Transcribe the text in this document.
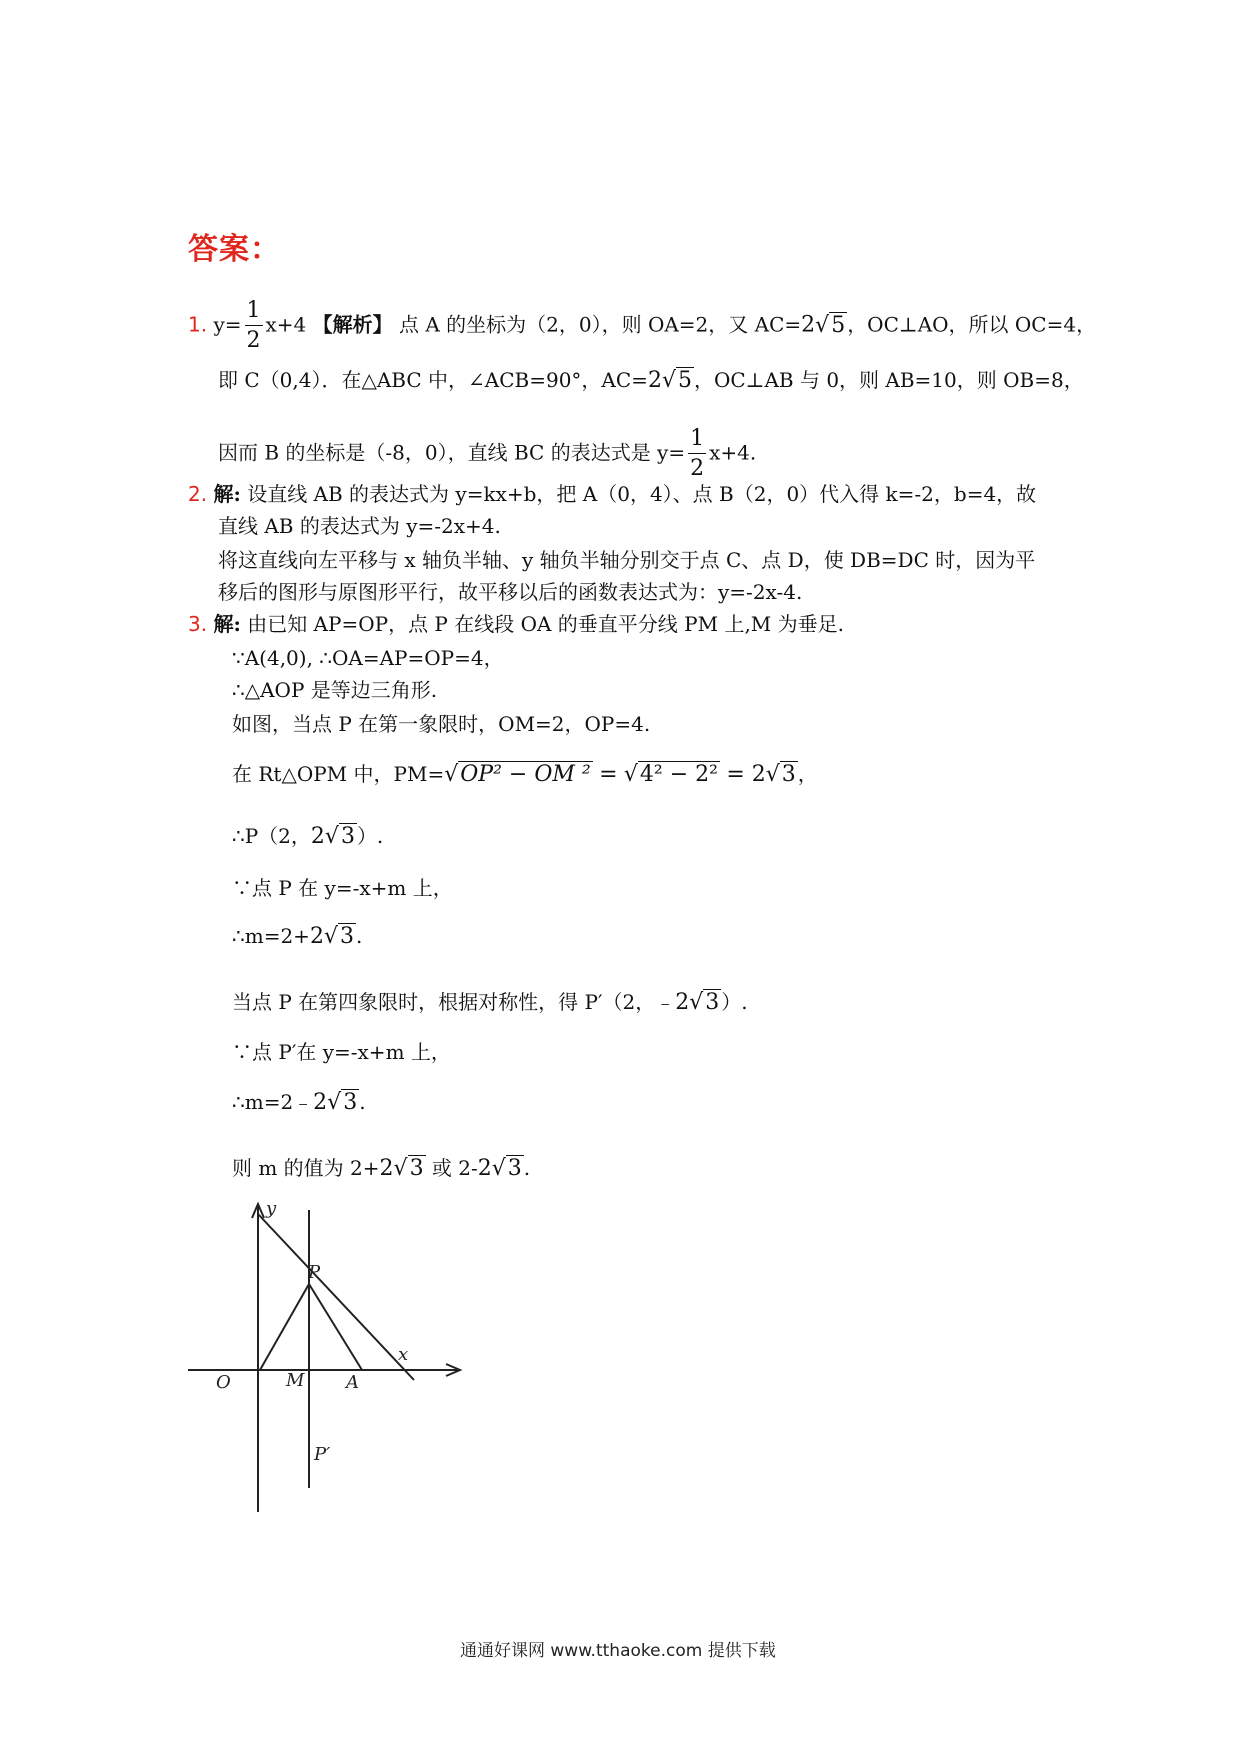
答案：
1. $y= \frac{1}{2} x+4$ 【解析】 点 A 的坐标为（2，0），则 OA=2，又 AC=2√5 ，OC⊥AO，所以 OC=4，
即 C（0,4）．在△ABC 中，∠ACB=90°，AC=2√5 ，OC⊥AB 与 0，则 AB=10，则 OB=8，
因而 B 的坐标是（-8，0），直线 BC 的表达式是 $y= \frac{1}{2} x+4$.
2. 解: 设直线 AB 的表达式为 y=kx+b，把 A（0，4）、点 B（2，0）代入得 k=-2，b=4，故
直线 AB 的表达式为 y=-2x+4.
将这直线向左平移与 x 轴负半轴、y 轴负半轴分别交于点 C、点 D，使 DB=DC 时，因为平
移后的图形与原图形平行，故平移以后的函数表达式为：y=-2x-4.
3. 解: 由已知 AP=OP，点 P 在线段 OA 的垂直平分线 PM 上,M 为垂足.
∵A(4,0), ∴OA=AP=OP=4，
∴△AOP 是等边三角形.
如图，当点 P 在第一象限时，OM=2，OP=4.
在 Rt△OPM 中，PM=√OP² − OM ² = √4² − 2² = 2√3 ，
∴P（2，2√3 ）.
∵点 P 在 y=-x+m 上，
∴m=2+2√3 .
当点 P 在第四象限时，根据对称性，得 P′（2，﹣2√3 ）.
∵点 P′在 y=-x+m 上，
∴m=2﹣2√3 .
则 m 的值为 2+2√3 或 2-2√3 .
y
x
O	M A
P
P′
通通好课网 www.tthaoke.com 提供下载
